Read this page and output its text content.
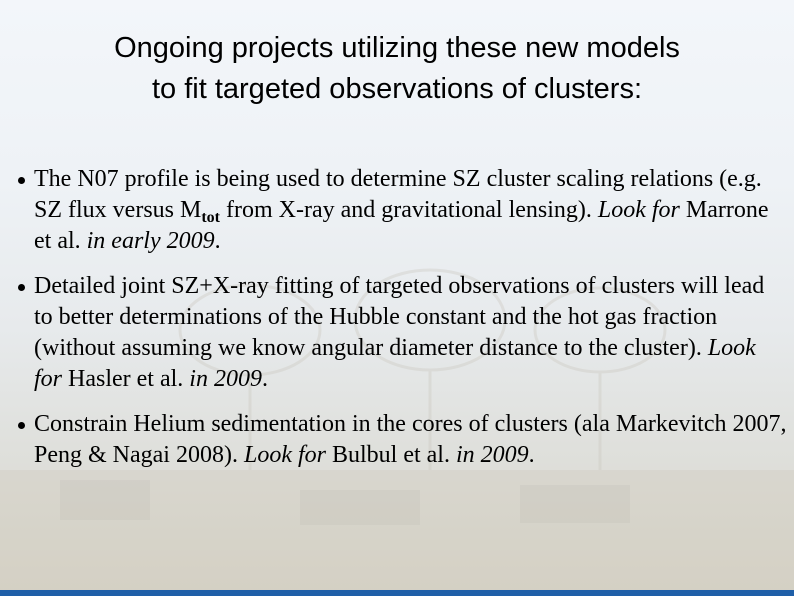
Ongoing projects utilizing these new models
to fit targeted observations of clusters:
The N07 profile is being used to determine SZ cluster scaling relations (e.g. SZ flux versus $M_{tot}$ from X-ray and gravitational lensing). Look for Marrone et al. in early 2009.
Detailed joint SZ+X-ray fitting of targeted observations of clusters will lead to better determinations of the Hubble constant and the hot gas fraction (without assuming we know angular diameter distance to the cluster). Look for Hasler et al. in 2009.
Constrain Helium sedimentation in the cores of clusters (ala Markevitch 2007, Peng & Nagai 2008). Look for Bulbul et al. in 2009.
